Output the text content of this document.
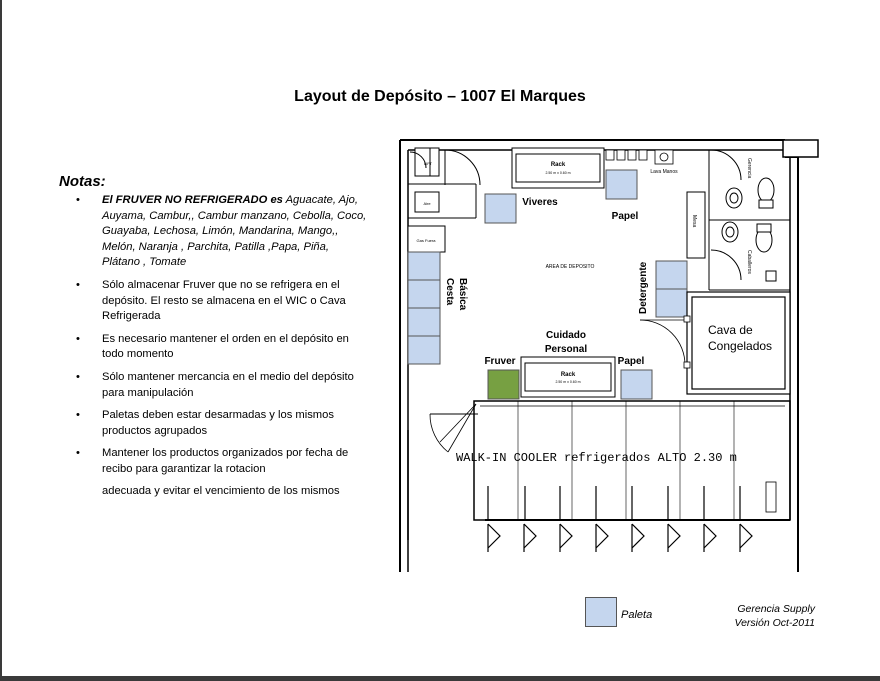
Layout de Depósito – 1007 El Marques
Notas:
• El FRUVER NO REFRIGERADO es Aguacate, Ajo, Auyama, Cambur,, Cambur manzano, Cebolla, Coco, Guayaba, Lechosa, Limón, Mandarina, Mango,, Melón, Naranja , Parchita, Patilla ,Papa, Piña, Plátano , Tomate
• Sólo almacenar Fruver que no se refrigera en el depósito. El resto se almacena en el WIC o Cava Refrigerada
• Es necesario mantener el orden en el depósito en todo momento
• Sólo mantener mercancia en el medio del depósito para manipulación
• Paletas deben estar desarmadas y los mismos productos agrupados
• Mantener los productos organizados por fecha de recibo para garantizar la rotacion
adecuada y evitar el vencimiento de los mismos
LIFT
Aire
Gas Fuera
Rack
2.50 m x 0.60 m	Lava Manos	Gerencia
Caballeros
Mesa
AREA DE DEPOSITO
Viveres
Papel
Cesta Básica	Detergente
Cuidado
Personal
Fruver	Papel
Rack
2.50 m x 0.60 m
Cava de
Congelados
WALK-IN COOLER refrigerados ALTO 2.30 m
Paleta	Gerencia Supply
Versión Oct-2011
